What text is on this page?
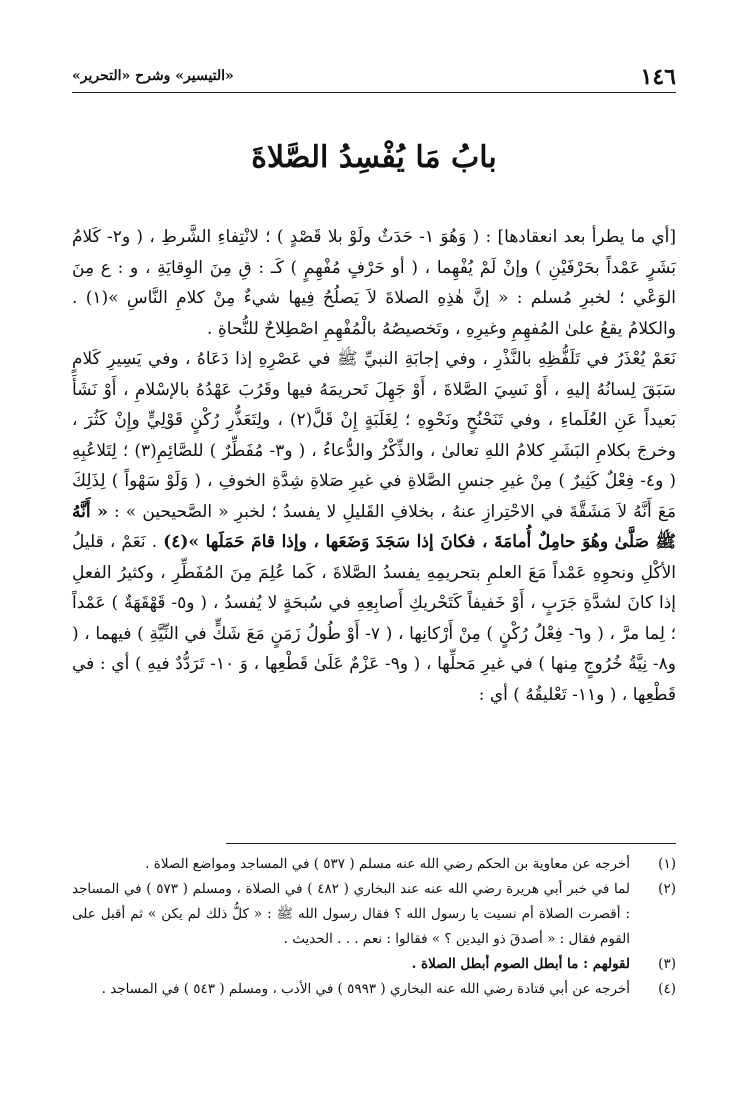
١٤٦
«التيسير» وشرح «التحرير»
بابُ مَا يُفْسِدُ الصَّلاةَ

[أي ما يطرأ بعد انعقادها] : ( وَهُوَ ١- حَدَثٌ ولَوْ بلا قَصْدٍ ) ؛ لانْتِفاءِ الشَّرطِ ، ( و٢- كَلامُ بَشَرٍ عَمْداً بحَرْفَيْنِ ) وإنْ لَمْ يُفْهِما ، ( أو حَرْفٍ مُفْهِمٍ ) كَـ : قِ مِنَ الوِقايَةِ ، و : ع مِنَ الوَعْي ؛ لخبرِ مُسلم : « إنَّ هٰذِهِ الصلاةَ لاَ يَصلُحُ فِيها شيءٌ مِنْ كلامِ النَّاسِ »(١) . والكلامُ يقعُ علىٰ المُفهِمِ وغيرِهِ ، وتَخصيصُهُ بالْمُفْهِمِ اصْطِلاحٌ للنُّحاةِ .

نَعَمْ يُعْذَرُ في تَلَفُّظِهِ بالنَّذْرِ ، وفي إجابَةِ النبيِّ ﷺ في عَصْرِهِ إذا دَعَاهُ ، وفي يَسِيرِ كَلامٍ سَبَقَ لِسانُهُ إليهِ ، أَوْ نَسِيَ الصَّلاةَ ، أَوْ جَهِلَ تَحريمَهُ فيها وقَرُبَ عَهْدُهُ بالإسْلامِ ، أَوْ نَشَأَ بَعيداً عَنِ العُلَماءِ ، وفي تَنَحْنُحٍ ونَحْوِهِ ؛ لِغَلَبَةٍ إِنْ قَلَّ(٢) ، ولِتَعَذُّرِ رُكْنٍ قَوْلِيٍّ وإِنْ كَثُرَ ، وخرجَ بكلامِ البَشَرِ كلامُ اللهِ تعالىٰ ، والذِّكْرُ والدُّعاءُ ، ( و٣- مُفَطِّرٌ ) للصَّائِمِ(٣) ؛ لِتَلاعُبِهِ ( و٤- فِعْلٌ كَثِيرٌ ) مِنْ غيرِ جنسِ الصَّلاةِ في غيرِ صَلاةِ شِدَّةِ الخوفِ ، ( وَلَوْ سَهْواً ) لِذَلِكَ مَعَ أَنَّهُ لاَ مَشَقَّةَ في الاحْتِرازِ عنهُ ، بخلافِ القَليلِ لا يفسدُ ؛ لخبرِ « الصَّحيحين » : « أَنَّهُ ﷺ صَلَّىٰ وهُوَ حامِلٌ أُمامَةَ ، فكانَ إذا سَجَدَ وَضَعَها ، وإذا قامَ حَمَلَها »(٤) . نَعَمْ ، قليلُ الأكْلِ ونحوِهِ عَمْداً مَعَ العلمِ بتحريمِهِ يفسدُ الصَّلاةَ ، كَما عُلِمَ مِنَ المُفَطِّرِ ، وكثيرُ الفعلِ إذا كانَ لشدَّةِ جَرَبٍ ، أَوْ خَفيفاً كَتَحْريكِ أَصابِعِهِ في سُبحَةٍ لا يُفسدُ ، ( و٥- قَهْقَهَةٌ ) عَمْداً ؛ لِما مرَّ ، ( و٦- فِعْلُ رُكْنٍ ) مِنْ أَرْكانِها ، ( ٧- أَوْ طُولُ زَمَنٍ مَعَ شَكٍّ في النِّيَّةِ ) فيهما ، ( و٨- نِيَّةُ خُرُوجٍ مِنها ) في غيرِ مَحلِّها ، ( و٩- عَزْمٌ عَلَىٰ قَطْعِها ، وَ ١٠- تَرَدُّدٌ فيهِ ) أي : في قَطْعِها ، ( و١١- تَعْليقُهُ ) أي :

(١)
أخرجه عن معاوية بن الحكم رضي الله عنه مسلم ( ٥٣٧ ) في المساجد ومواضع الصلاة .
(٢)
لما في خبر أبي هريرة رضي الله عنه عند البخاري ( ٤٨٢ ) في الصلاة ، ومسلم ( ٥٧٣ ) في المساجد : أقصرت الصلاة أم نسيت يا رسول الله ؟ فقال رسول الله ﷺ : « كلُّ ذلك لم يكن » ثم أقبل على القوم فقال : « أصدقَ ذو اليدين ؟ » فقالوا : نعم . . . الحديث .
(٣)
لقولهم : ما أبطل الصوم أبطل الصلاة .
(٤)
أخرجه عن أبي قتادة رضي الله عنه البخاري ( ٥٩٩٣ ) في الأدب ، ومسلم ( ٥٤٣ ) في المساجد .
